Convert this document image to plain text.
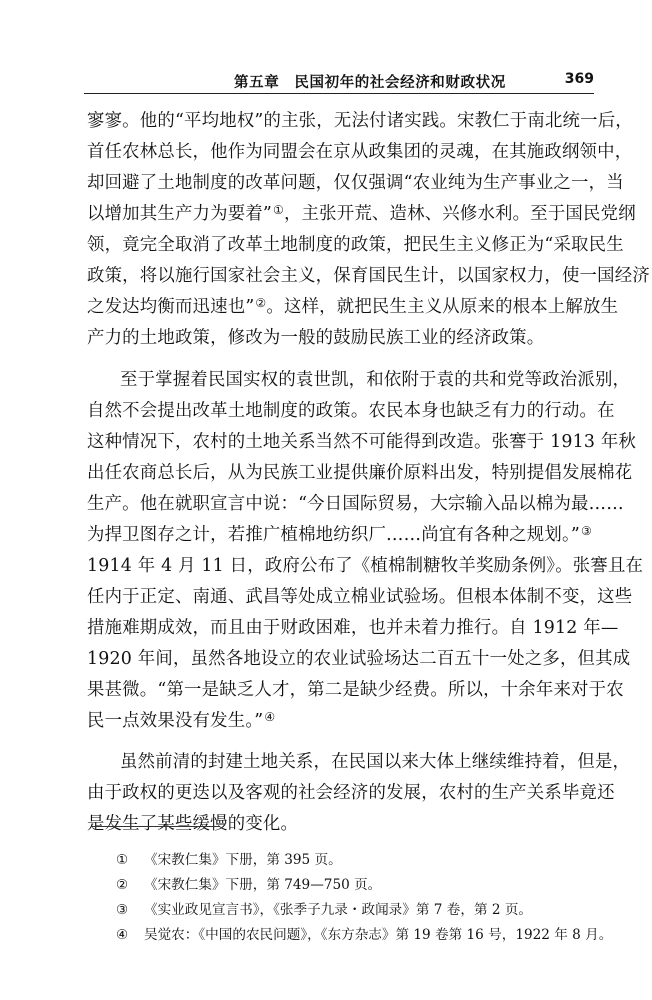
第五章　民国初年的社会经济和财政状况	369
寥寥。他的“平均地权”的主张，无法付诸实践。宋教仁于南北统一后，
首任农林总长，他作为同盟会在京从政集团的灵魂，在其施政纲领中，
却回避了土地制度的改革问题，仅仅强调“农业纯为生产事业之一，当
以增加其生产力为要着”①，主张开荒、造林、兴修水利。至于国民党纲
领，竟完全取消了改革土地制度的政策，把民生主义修正为“采取民生
政策，将以施行国家社会主义，保育国民生计，以国家权力，使一国经济
之发达均衡而迅速也”②。这样，就把民生主义从原来的根本上解放生
产力的土地政策，修改为一般的鼓励民族工业的经济政策。
至于掌握着民国实权的袁世凯，和依附于袁的共和党等政治派别，
自然不会提出改革土地制度的政策。农民本身也缺乏有力的行动。在
这种情况下，农村的土地关系当然不可能得到改造。张謇于 1913 年秋
出任农商总长后，从为民族工业提供廉价原料出发，特别提倡发展棉花
生产。他在就职宣言中说：“今日国际贸易，大宗输入品以棉为最……
为捍卫图存之计，若推广植棉地纺织厂……尚宜有各种之规划。”③
1914 年 4 月 11 日，政府公布了《植棉制糖牧羊奖励条例》。张謇且在
任内于正定、南通、武昌等处成立棉业试验场。但根本体制不变，这些
措施难期成效，而且由于财政困难，也并未着力推行。自 1912 年—
1920 年间，虽然各地设立的农业试验场达二百五十一处之多，但其成
果甚微。“第一是缺乏人才，第二是缺少经费。所以，十余年来对于农
民一点效果没有发生。”④
虽然前清的封建土地关系，在民国以来大体上继续维持着，但是，
由于政权的更迭以及客观的社会经济的发展，农村的生产关系毕竟还
是发生了某些缓慢的变化。
① 《宋教仁集》下册，第 395 页。
② 《宋教仁集》下册，第 749—750 页。
③ 《实业政见宣言书》，《张季子九录・政闻录》第 7 卷，第 2 页。
④ 吴觉农：《中国的农民问题》，《东方杂志》第 19 卷第 16 号，1922 年 8 月。
